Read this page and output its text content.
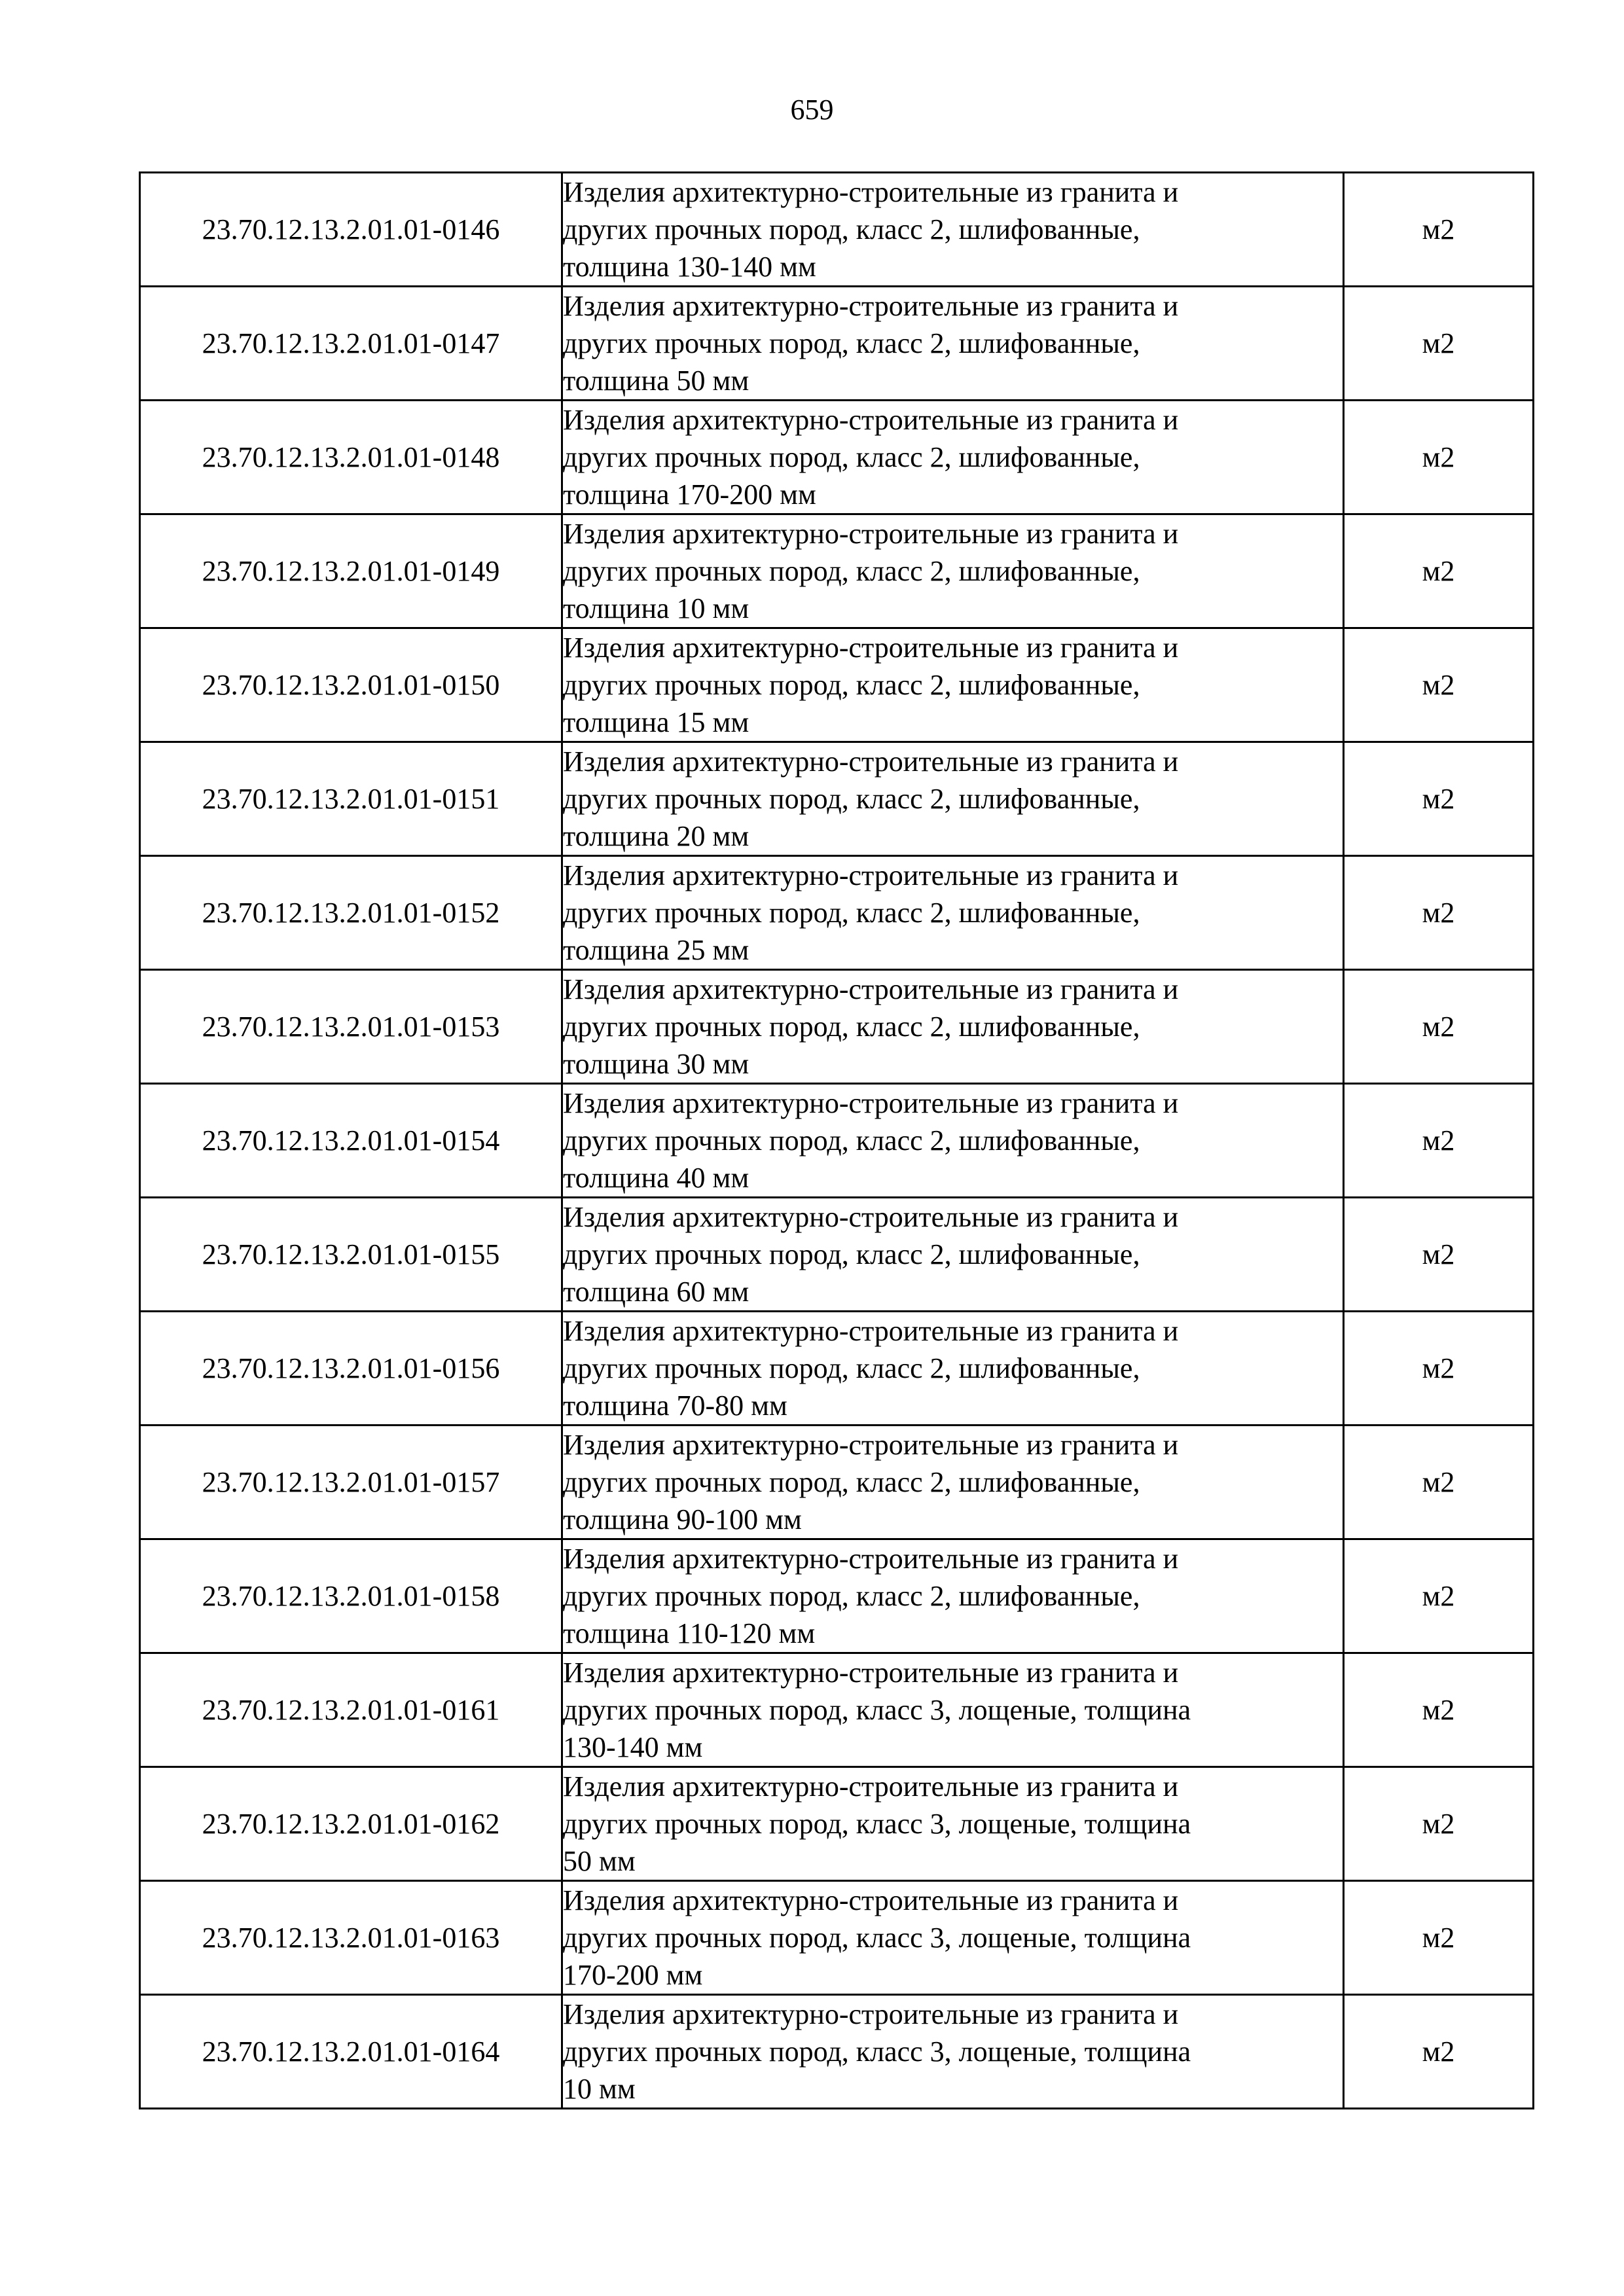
659
23.70.12.13.2.01.01-0146	Изделия архитектурно-строительные из гранита и
других прочных пород, класс 2, шлифованные,
толщина 130-140 мм	м2
23.70.12.13.2.01.01-0147	Изделия архитектурно-строительные из гранита и
других прочных пород, класс 2, шлифованные,
толщина 50 мм	м2
23.70.12.13.2.01.01-0148	Изделия архитектурно-строительные из гранита и
других прочных пород, класс 2, шлифованные,
толщина 170-200 мм	м2
23.70.12.13.2.01.01-0149	Изделия архитектурно-строительные из гранита и
других прочных пород, класс 2, шлифованные,
толщина 10 мм	м2
23.70.12.13.2.01.01-0150	Изделия архитектурно-строительные из гранита и
других прочных пород, класс 2, шлифованные,
толщина 15 мм	м2
23.70.12.13.2.01.01-0151	Изделия архитектурно-строительные из гранита и
других прочных пород, класс 2, шлифованные,
толщина 20 мм	м2
23.70.12.13.2.01.01-0152	Изделия архитектурно-строительные из гранита и
других прочных пород, класс 2, шлифованные,
толщина 25 мм	м2
23.70.12.13.2.01.01-0153	Изделия архитектурно-строительные из гранита и
других прочных пород, класс 2, шлифованные,
толщина 30 мм	м2
23.70.12.13.2.01.01-0154	Изделия архитектурно-строительные из гранита и
других прочных пород, класс 2, шлифованные,
толщина 40 мм	м2
23.70.12.13.2.01.01-0155	Изделия архитектурно-строительные из гранита и
других прочных пород, класс 2, шлифованные,
толщина 60 мм	м2
23.70.12.13.2.01.01-0156	Изделия архитектурно-строительные из гранита и
других прочных пород, класс 2, шлифованные,
толщина 70-80 мм	м2
23.70.12.13.2.01.01-0157	Изделия архитектурно-строительные из гранита и
других прочных пород, класс 2, шлифованные,
толщина 90-100 мм	м2
23.70.12.13.2.01.01-0158	Изделия архитектурно-строительные из гранита и
других прочных пород, класс 2, шлифованные,
толщина 110-120 мм	м2
23.70.12.13.2.01.01-0161	Изделия архитектурно-строительные из гранита и
других прочных пород, класс 3, лощеные, толщина
130-140 мм	м2
23.70.12.13.2.01.01-0162	Изделия архитектурно-строительные из гранита и
других прочных пород, класс 3, лощеные, толщина
50 мм	м2
23.70.12.13.2.01.01-0163	Изделия архитектурно-строительные из гранита и
других прочных пород, класс 3, лощеные, толщина
170-200 мм	м2
23.70.12.13.2.01.01-0164	Изделия архитектурно-строительные из гранита и
других прочных пород, класс 3, лощеные, толщина
10 мм	м2
